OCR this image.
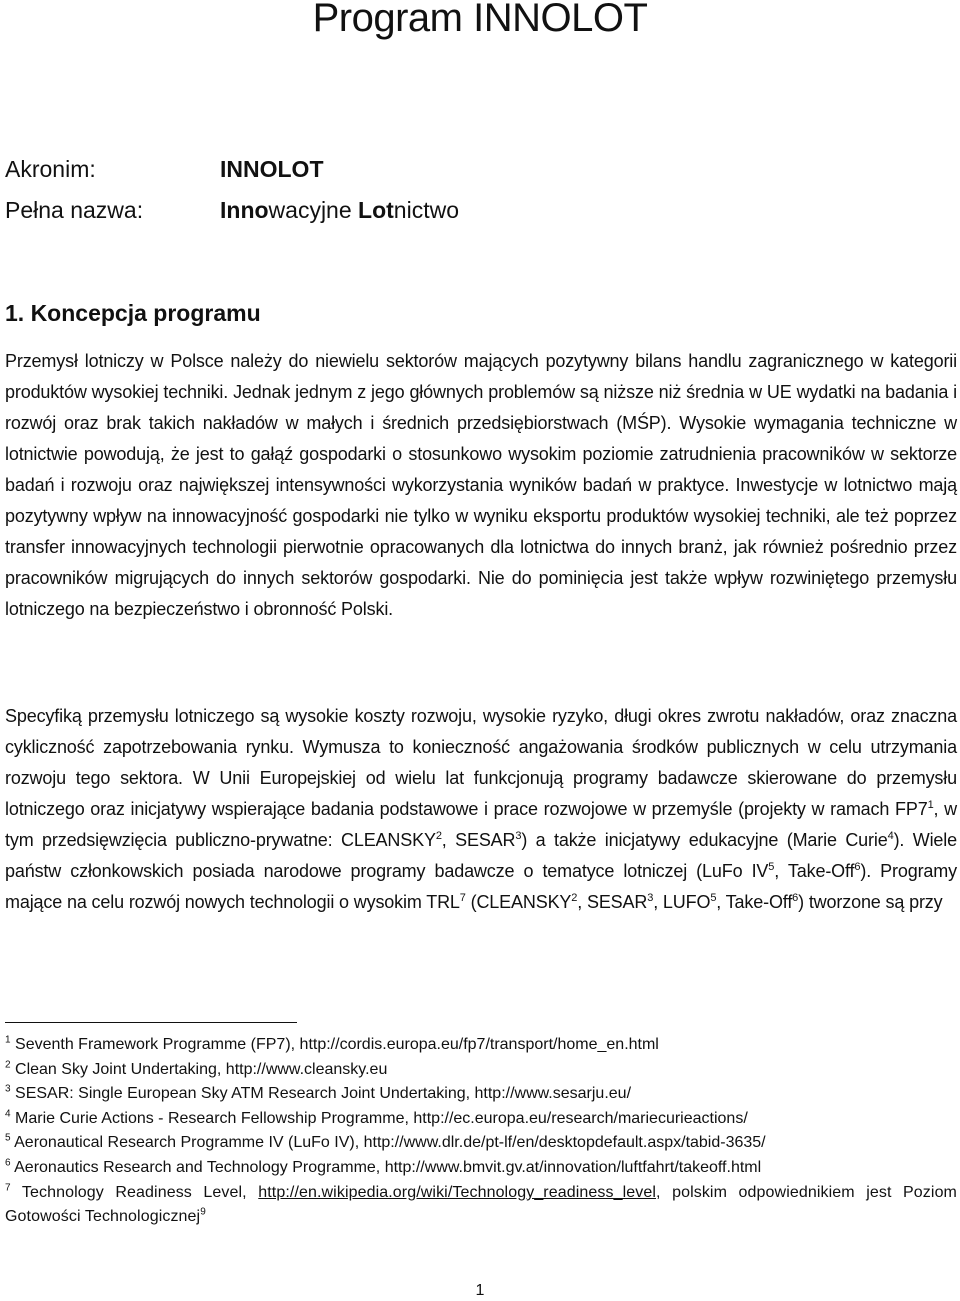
Program INNOLOT
Akronim:	INNOLOT
Pełna nazwa:	Innowacyjne Lotnictwo
1. Koncepcja programu

Przemysł lotniczy w Polsce należy do niewielu sektorów mających pozytywny bilans handlu zagranicznego w kategorii produktów wysokiej techniki. Jednak jednym z jego głównych problemów są niższe niż średnia w UE wydatki na badania i rozwój oraz brak takich nakładów w małych i średnich przedsiębiorstwach (MŚP). Wysokie wymagania techniczne w lotnictwie powodują, że jest to gałąź gospodarki o stosunkowo wysokim poziomie zatrudnienia pracowników w sektorze badań i rozwoju oraz największej intensywności wykorzystania wyników badań w praktyce. Inwestycje w lotnictwo mają pozytywny wpływ na innowacyjność gospodarki nie tylko w wyniku eksportu produktów wysokiej techniki, ale też poprzez transfer innowacyjnych technologii pierwotnie opracowanych dla lotnictwa do innych branż, jak również pośrednio przez pracowników migrujących do innych sektorów gospodarki. Nie do pominięcia jest także wpływ rozwiniętego przemysłu lotniczego na bezpieczeństwo i obronność Polski.

Specyfiką przemysłu lotniczego są wysokie koszty rozwoju, wysokie ryzyko, długi okres zwrotu nakładów, oraz znaczna cykliczność zapotrzebowania rynku. Wymusza to konieczność angażowania środków publicznych w celu utrzymania rozwoju tego sektora. W Unii Europejskiej od wielu lat funkcjonują programy badawcze skierowane do przemysłu lotniczego oraz inicjatywy wspierające badania podstawowe i prace rozwojowe w przemyśle (projekty w ramach $FP7^1$, w tym przedsięwzięcia publiczno-prywatne: CLEANSKY$^2$, SESAR$^3$) a także inicjatywy edukacyjne (Marie Curie$^4$). Wiele państw członkowskich posiada narodowe programy badawcze o tematyce lotniczej (LuFo $IV^5$, Take-Off$^6$). Programy mające na celu rozwój nowych technologii o wysokim TRL$^7$ (CLEANSKY$^2$, SESAR$^3$, LUFO$^5$, Take-Off$^6$) tworzone są przy

$^1$ Seventh Framework Programme (FP7), http://cordis.europa.eu/fp7/transport/home_en.html
$^2$ Clean Sky Joint Undertaking, http://www.cleansky.eu
$^3$ SESAR: Single European Sky ATM Research Joint Undertaking, http://www.sesarju.eu/
$^4$ Marie Curie Actions - Research Fellowship Programme, http://ec.europa.eu/research/mariecurieactions/
$^5$ Aeronautical Research Programme IV (LuFo IV), http://www.dlr.de/pt-lf/en/desktopdefault.aspx/tabid-3635/
$^6$ Aeronautics Research and Technology Programme, http://www.bmvit.gv.at/innovation/luftfahrt/takeoff.html
$^7$ Technology Readiness Level, http://en.wikipedia.org/wiki/Technology_readiness_level, polskim odpowiednikiem jest Poziom Gotowości Technologicznej$^9$
1
